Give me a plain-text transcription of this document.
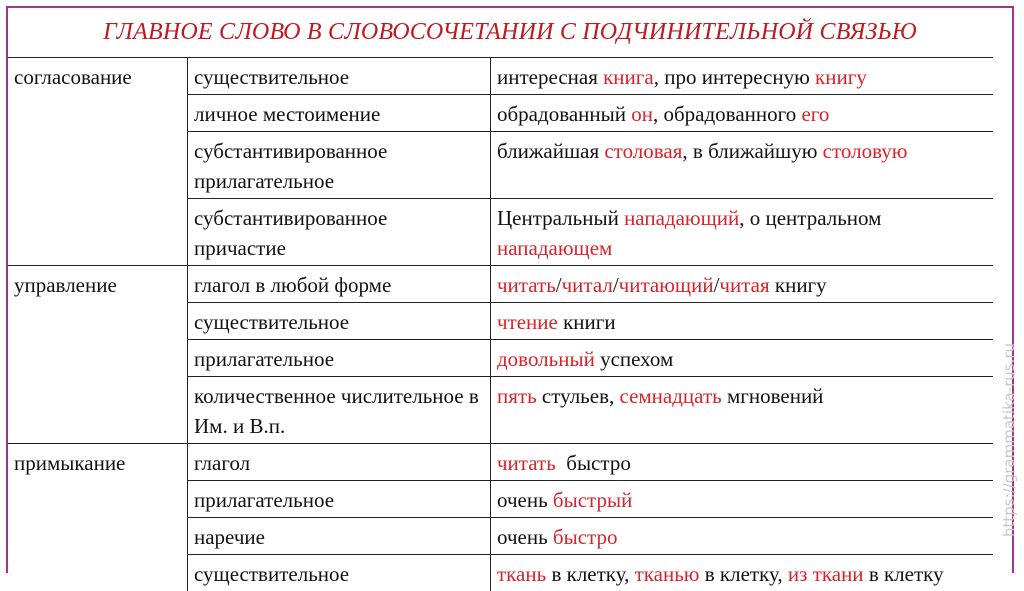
ГЛАВНОЕ СЛОВО В СЛОВОСОЧЕТАНИИ С ПОДЧИНИТЕЛЬНОЙ СВЯЗЬЮ
согласование	существительное	интересная книга, про интересную книгу
	личное местоимение	обрадованный он, обрадованного его
	субстантивированное прилагательное	ближайшая столовая, в ближайшую столовую
	субстантивированное причастие	Центральный нападающий, о центральном нападающем
управление	глагол в любой форме	читать/читал/читающий/читая книгу
	существительное	чтение книги
	прилагательное	довольный успехом
	количественное числительное в Им. и В.п.	пять стульев, семнадцать мгновений
примыкание	глагол	читать  быстро
	прилагательное	очень быстрый
	наречие	очень быстро
	существительное	ткань в клетку, тканью в клетку, из ткани в клетку
https://grammatika-rus.ru
